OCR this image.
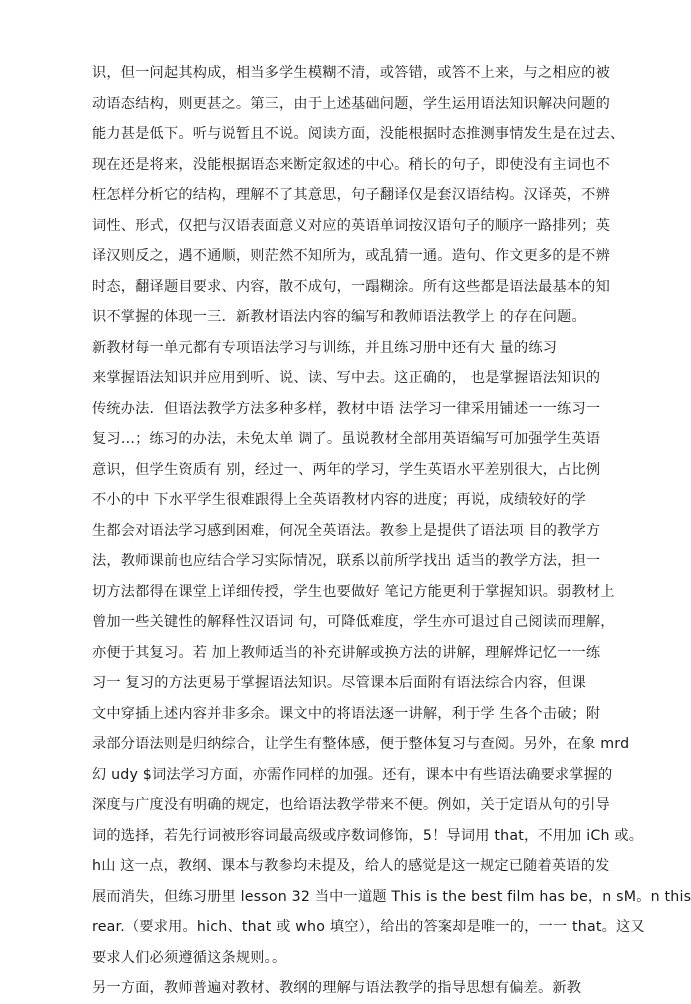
识，但一问起其构成，相当多学生模糊不清，或答错，或答不上来，与之相应的被
动语态结构，则更甚之。第三，由于上述基础问题，学生运用语法知识解决问题的
能力甚是低下。听与说暂且不说。阅读方面，没能根据时态推测事情发生是在过去、
现在还是将来，没能根据语态来断定叙述的中心。稍长的句子，即使没有主词也不
枉怎样分析它的结构，理解不了其意思，句子翻译仅是套汉语结构。汉译英，不辨
词性、形式，仅把与汉语表面意义对应的英语单词按汉语句子的顺序一路排列；英
译汉则反之，遇不通顺，则茫然不知所为，或乱猜一通。造句、作文更多的是不辨
时态，翻译题目要求、内容，散不成句，一蹋糊涂。所有这些都是语法最基本的知
识不掌握的体现一三．新教材语法内容的编写和教师语法教学上 的存在问题。
新教材每一单元都有专项语法学习与训练，并且练习册中还有大 量的练习
来掌握语法知识并应用到听、说、读、写中去。这正确的， 也是掌握语法知识的
传统办法．但语法教学方法多种多样，教材中语 法学习一律采用铺述一一练习一
复习…；练习的办法，未免太单 调了。虽说教材全部用英语编写可加强学生英语
意识，但学生资质有 别，经过一、两年的学习，学生英语水平差别很大，占比例
不小的中 下水平学生很难跟得上全英语教材内容的进度；再说，成绩较好的学
生都会对语法学习感到困难，何况全英语法。教参上是提供了语法项 目的教学方
法，教师课前也应结合学习实际情况，联系以前所学找出 适当的教学方法，担一
切方法都得在课堂上详细传授，学生也要做好 笔记方能更利于掌握知识。弱教材上
曾加一些关键性的解释性汉语词 句，可降低难度，学生亦可退过自己阅读而理解，
亦便于其复习。若 加上教师适当的补充讲解或换方法的讲解，理解烨记忆一一练
习一 复习的方法更易于掌握语法知识。尽管课本后面附有语法综合内容，但课
文中穿插上述内容并非多余。课文中的将语法逐一讲解，利于学 生各个击破；附
录部分语法则是归纳综合，让学生有整体感，便于整体复习与查阅。另外，在象 mrd
幻 udy $词法学习方面，亦需作同样的加强。还有，课本中有些语法确要求掌握的
深度与广度没有明确的规定，也给语法教学带来不便。例如，关于定语从句的引导
词的选择，若先行词被形容词最高级或序数词修饰，5！导词用 that，不用加 iCh 或。
h山 这一点，教纲、课本与教参均未提及，给人的感觉是这一规定已随着英语的发
展而消失，但练习册里 lesson 32 当中一道题 This is the best film has be，n sM。n this
rear.（要求用。hich、that 或 who 填空），给出的答案却是唯一的，一一 that。这又
要求人们必须遵循这条规则。。
另一方面，教师普遍对教材、教纲的理解与语法教学的指导思想有偏差。新教
